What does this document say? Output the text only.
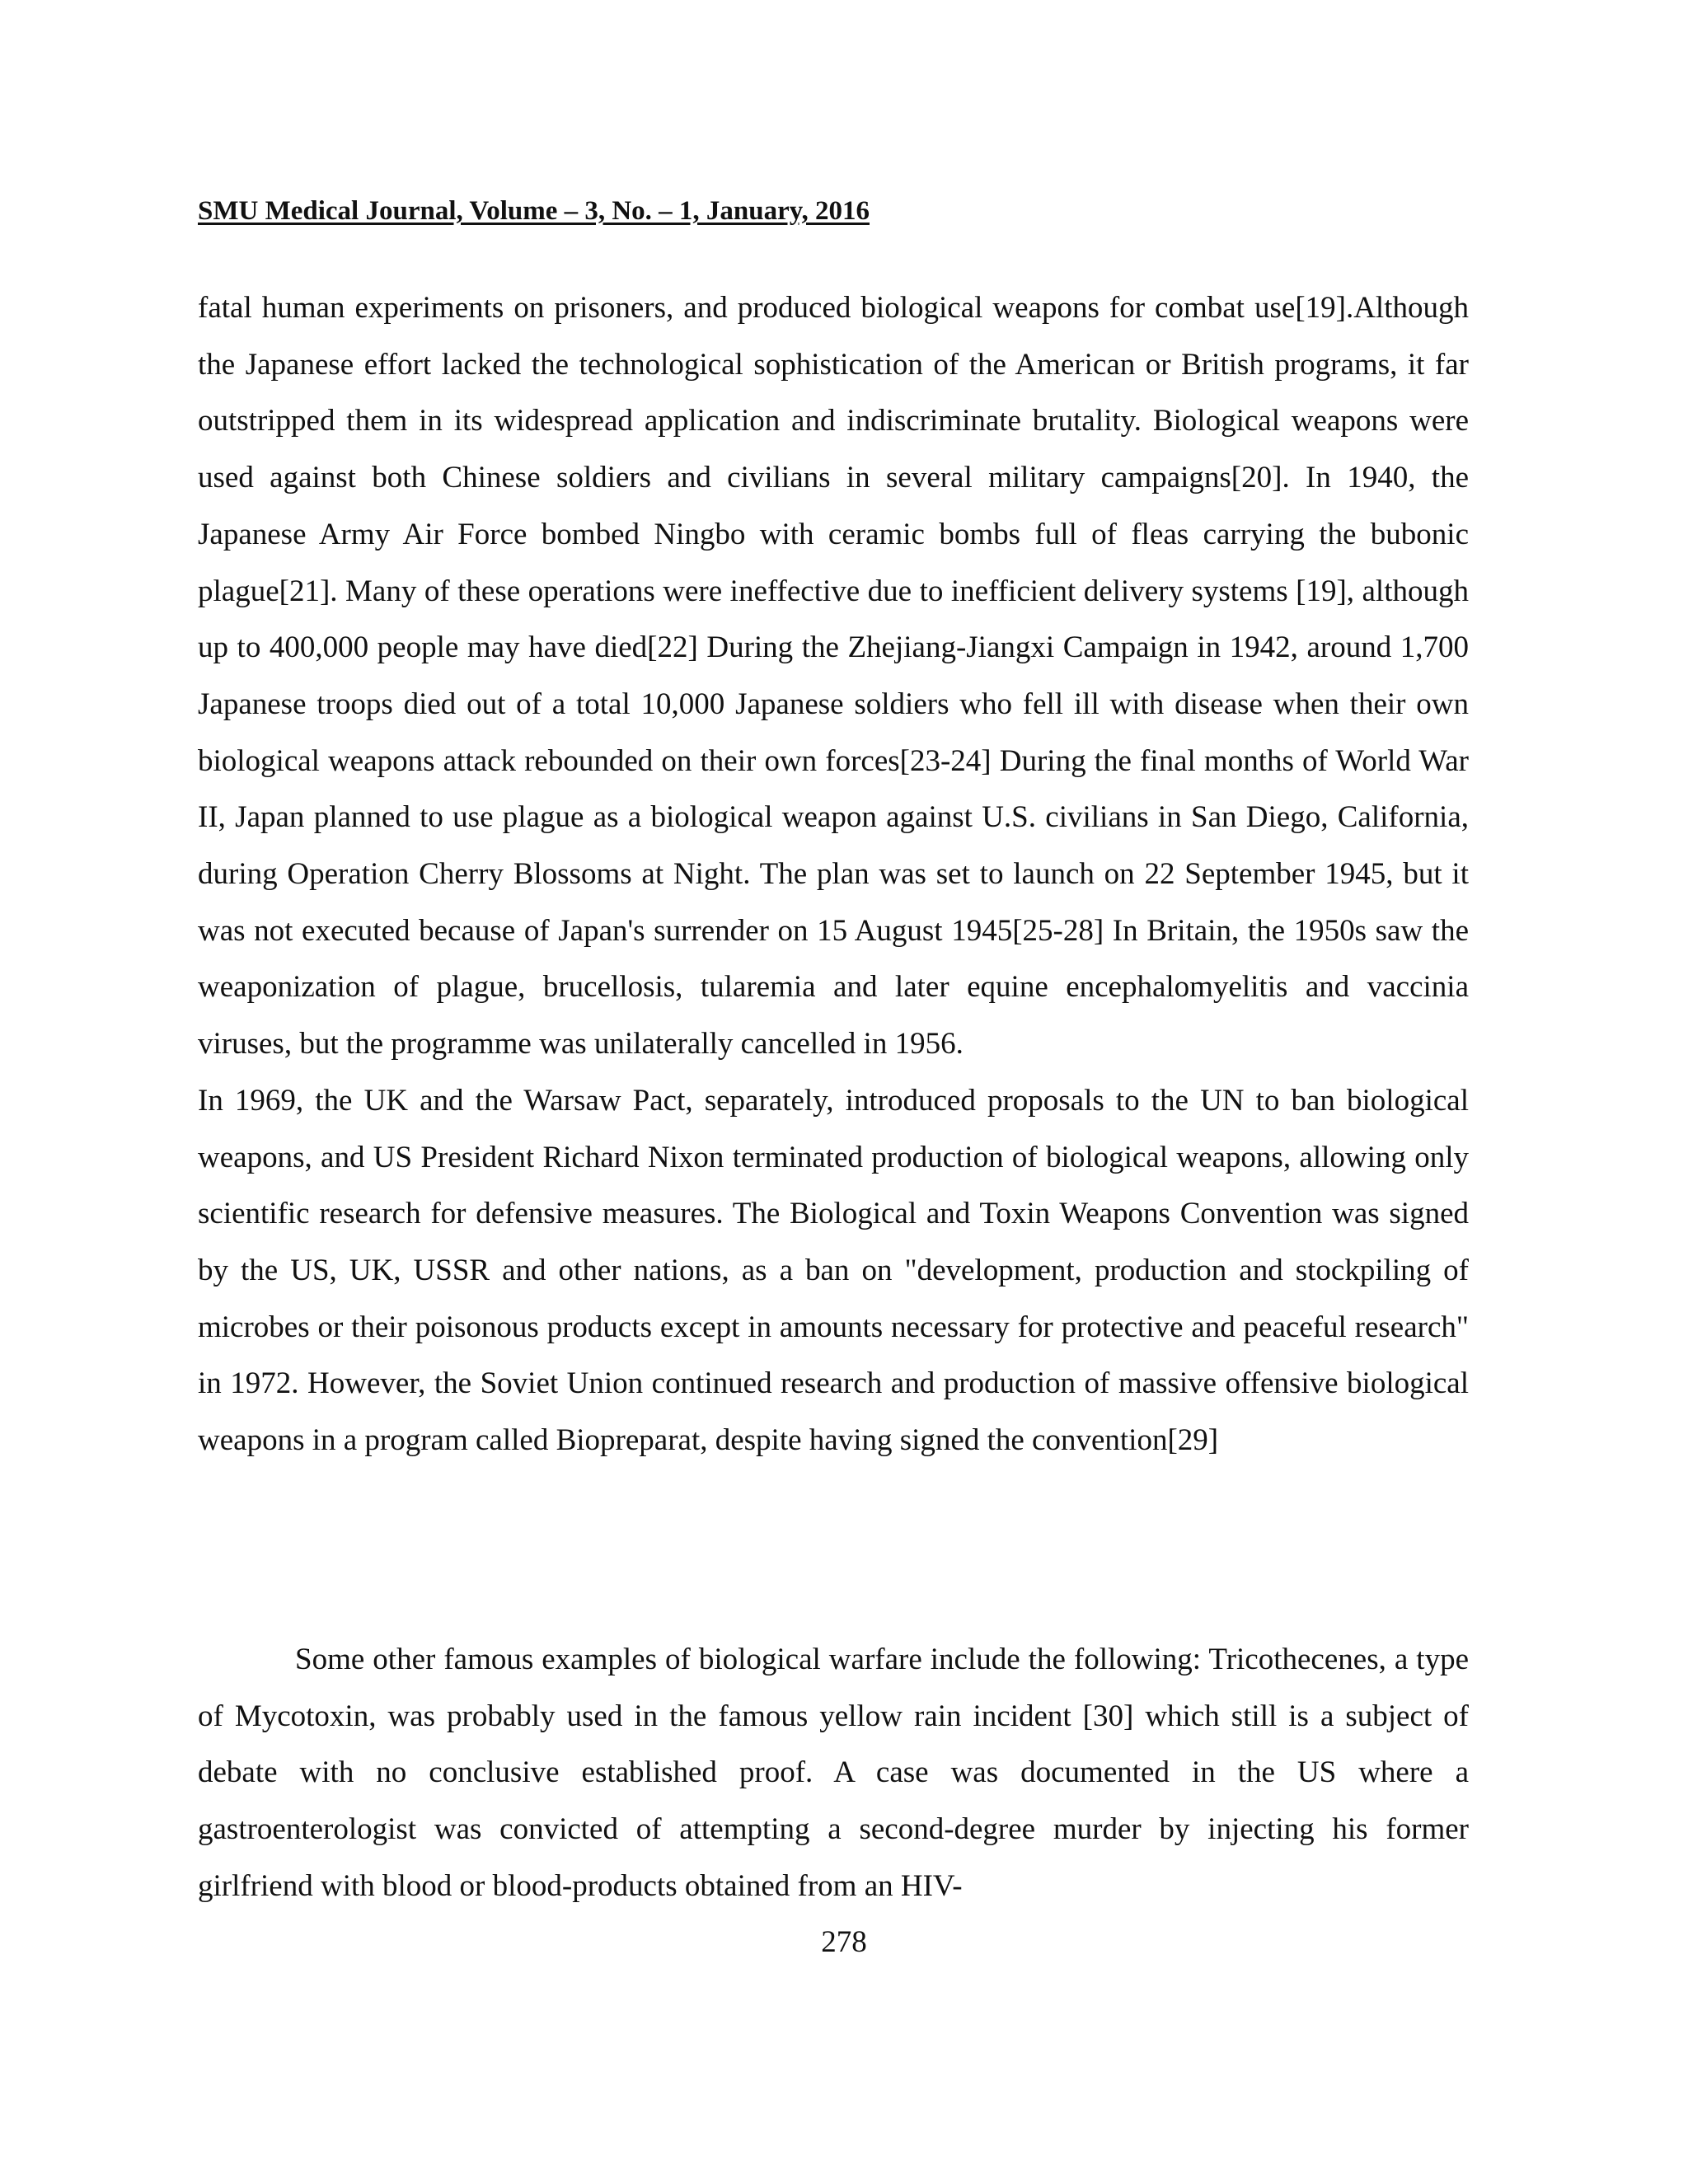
SMU Medical Journal, Volume – 3, No. – 1, January, 2016

fatal human experiments on prisoners, and produced biological weapons for combat use[19].Although the Japanese effort lacked the technological sophistication of the American or British programs, it far outstripped them in its widespread application and indiscriminate brutality. Biological weapons were used against both Chinese soldiers and civilians in several military campaigns[20]. In 1940, the Japanese Army Air Force bombed Ningbo with ceramic bombs full of fleas carrying the bubonic plague[21]. Many of these operations were ineffective due to inefficient delivery systems [19], although up to 400,000 people may have died[22] During the Zhejiang-Jiangxi Campaign in 1942, around 1,700 Japanese troops died out of a total 10,000 Japanese soldiers who fell ill with disease when their own biological weapons attack rebounded on their own forces[23-24] During the final months of World War II, Japan planned to use plague as a biological weapon against U.S. civilians in San Diego, California, during Operation Cherry Blossoms at Night. The plan was set to launch on 22 September 1945, but it was not executed because of Japan's surrender on 15 August 1945[25-28] In Britain, the 1950s saw the weaponization of plague, brucellosis, tularemia and later equine encephalomyelitis and vaccinia viruses, but the programme was unilaterally cancelled in 1956.

In 1969, the UK and the Warsaw Pact, separately, introduced proposals to the UN to ban biological weapons, and US President Richard Nixon terminated production of biological weapons, allowing only scientific research for defensive measures. The Biological and Toxin Weapons Convention was signed by the US, UK, USSR and other nations, as a ban on "development, production and stockpiling of microbes or their poisonous products except in amounts necessary for protective and peaceful research" in 1972. However, the Soviet Union continued research and production of massive offensive biological weapons in a program called Biopreparat, despite having signed the convention[29]

Some other famous examples of biological warfare include the following: Tricothecenes, a type of Mycotoxin, was probably used in the famous yellow rain incident [30] which still is a subject of debate with no conclusive established proof. A case was documented in the US where a gastroenterologist was convicted of attempting a second-degree murder by injecting his former girlfriend with blood or blood-products obtained from an HIV-

278
